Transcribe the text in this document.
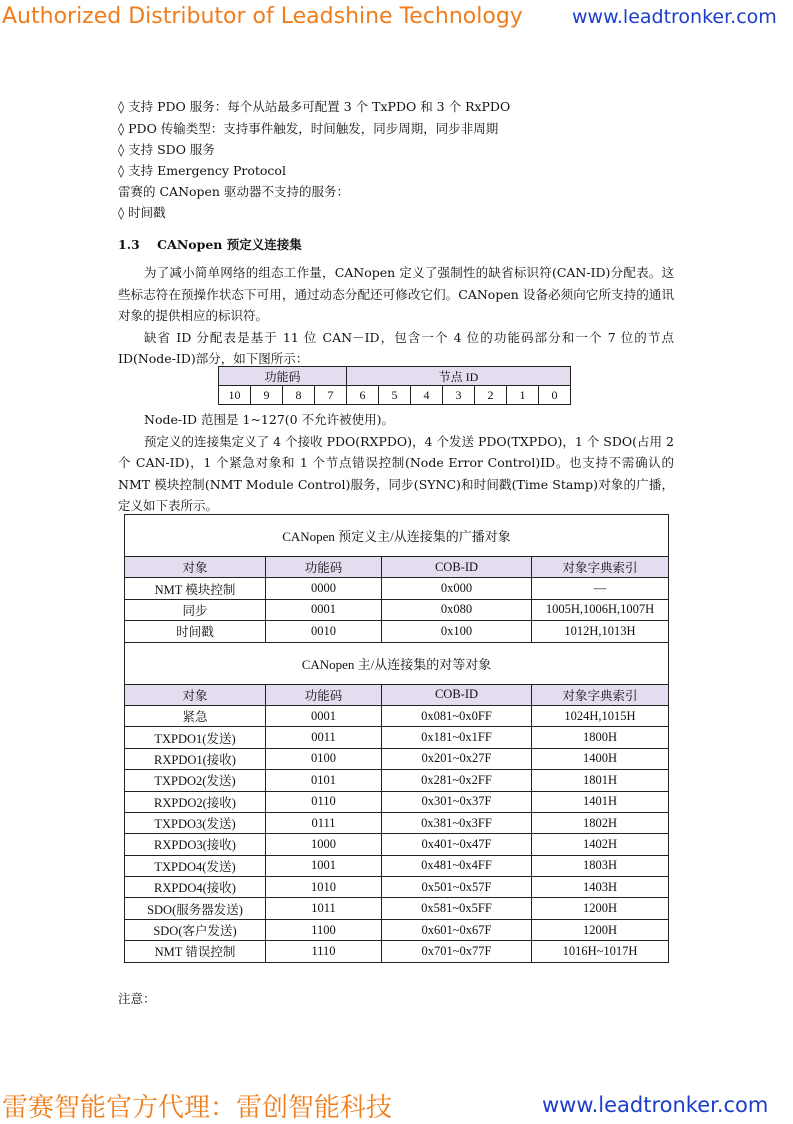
Authorized Distributor of Leadshine Technology	www.leadtronker.com
◊ 支持 PDO 服务：每个从站最多可配置 3 个 TxPDO 和 3 个 RxPDO
◊ PDO 传输类型：支持事件触发，时间触发，同步周期，同步非周期
◊ 支持 SDO 服务
◊ 支持 Emergency Protocol
雷赛的 CANopen 驱动器不支持的服务：
◊ 时间戳
1.3 CANopen 预定义连接集

为了减小简单网络的组态工作量，CANopen 定义了强制性的缺省标识符(CAN-ID)分配表。这些标志符在预操作状态下可用，通过动态分配还可修改它们。CANopen 设备必须向它所支持的通讯对象的提供相应的标识符。

缺省 ID 分配表是基于 11 位 CAN－ID，包含一个 4 位的功能码部分和一个 7 位的节点ID(Node-ID)部分，如下图所示：

功能码				节点 ID						
10	9	8	7	6	5	4	3	2	1	0

Node-ID 范围是 1~127(0 不允许被使用)。

预定义的连接集定义了 4 个接收 PDO(RXPDO)，4 个发送 PDO(TXPDO)，1 个 SDO(占用 2 个 CAN-ID)，1 个紧急对象和 1 个节点错误控制(Node Error Control)ID。也支持不需确认的 NMT 模块控制(NMT Module Control)服务，同步(SYNC)和时间戳(Time Stamp)对象的广播，定义如下表所示。

CANopen 预定义主/从连接集的广播对象			
对象	功能码	COB-ID	对象字典索引
NMT 模块控制	0000	0x000	—
同步	0001	0x080	1005H,1006H,1007H
时间戳	0010	0x100	1012H,1013H
CANopen 主/从连接集的对等对象			
对象	功能码	COB-ID	对象字典索引
紧急	0001	0x081~0x0FF	1024H,1015H
TXPDO1(发送)	0011	0x181~0x1FF	1800H
RXPDO1(接收)	0100	0x201~0x27F	1400H
TXPDO2(发送)	0101	0x281~0x2FF	1801H
RXPDO2(接收)	0110	0x301~0x37F	1401H
TXPDO3(发送)	0111	0x381~0x3FF	1802H
RXPDO3(接收)	1000	0x401~0x47F	1402H
TXPDO4(发送)	1001	0x481~0x4FF	1803H
RXPDO4(接收)	1010	0x501~0x57F	1403H
SDO(服务器发送)	1011	0x581~0x5FF	1200H
SDO(客户发送)	1100	0x601~0x67F	1200H
NMT 错误控制	1110	0x701~0x77F	1016H~1017H
注意：
雷赛智能官方代理：雷创智能科技	www.leadtronker.com
